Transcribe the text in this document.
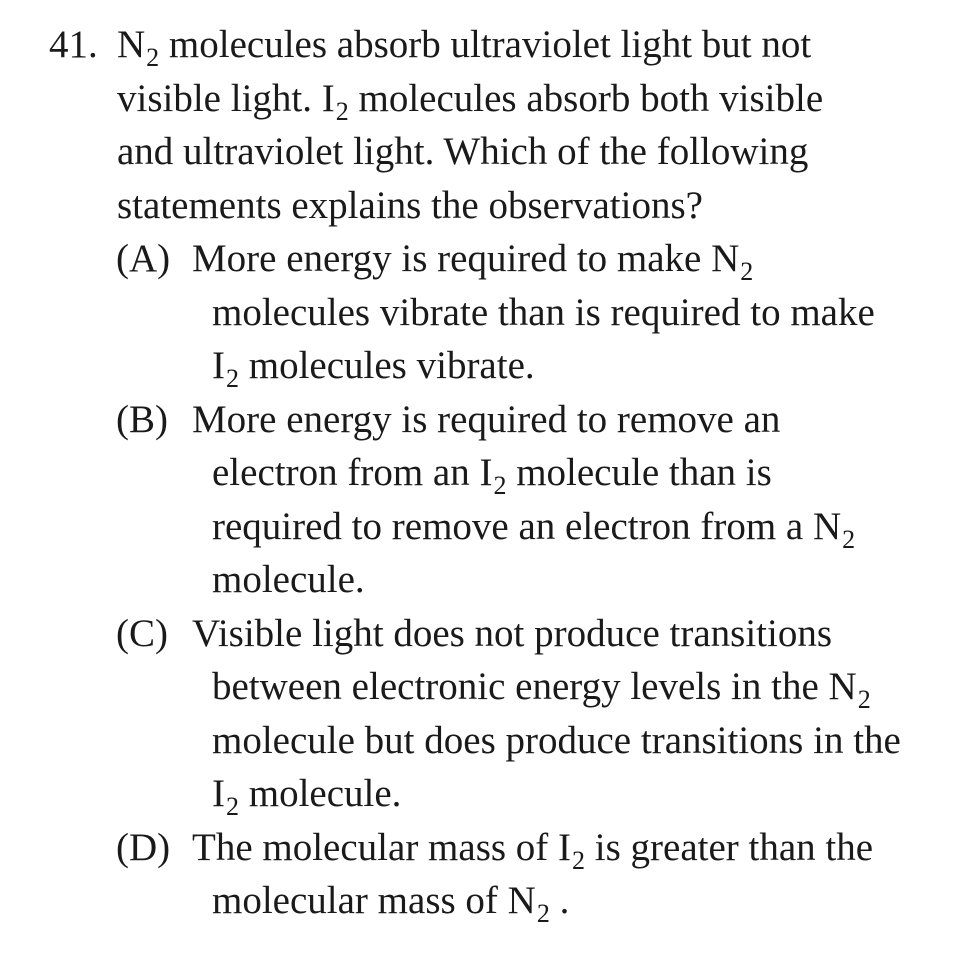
41. $N_2$ molecules absorb ultraviolet light but not
visible light. $I_2$ molecules absorb both visible
and ultraviolet light. Which of the following
statements explains the observations?
(A) More energy is required to make $N_2$
molecules vibrate than is required to make
$I_2$ molecules vibrate.
(B) More energy is required to remove an
electron from an $I_2$ molecule than is
required to remove an electron from a $N_2$
molecule.
(C) Visible light does not produce transitions
between electronic energy levels in the $N_2$
molecule but does produce transitions in the
$I_2$ molecule.
(D) The molecular mass of $I_2$ is greater than the
molecular mass of $N_2$ .
